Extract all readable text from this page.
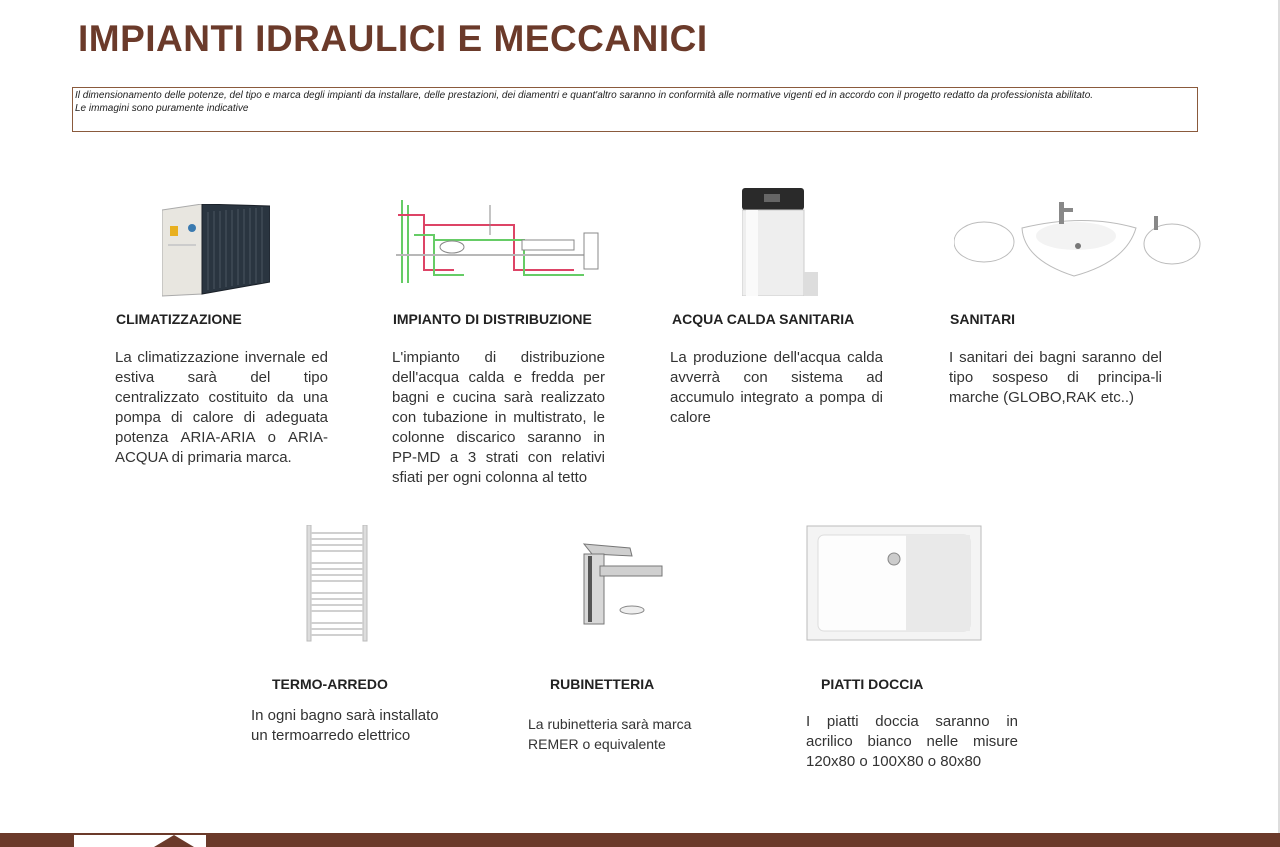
IMPIANTI IDRAULICI E MECCANICI

Il dimensionamento delle potenze, del tipo e marca degli impianti da installare, delle prestazioni, dei diamentri e quant'altro saranno in conformità alle normative vigenti ed in accordo con il progetto redatto da professionista abilitato.

Le immagini sono puramente indicative

CLIMATIZZAZIONE
La climatizzazione invernale ed estiva sarà del tipo centralizzato costituito da una pompa di calore di adeguata potenza ARIA-ARIA o ARIA-ACQUA di primaria marca.
IMPIANTO DI DISTRIBUZIONE
L'impianto di distribuzione dell'acqua calda e fredda per bagni e cucina sarà realizzato con tubazione in multistrato, le colonne discarico saranno in PP-MD a 3 strati con relativi sfiati per ogni colonna al tetto
ACQUA CALDA SANITARIA
La produzione dell'acqua calda avverrà con sistema ad accumulo integrato a pompa di calore
SANITARI
I sanitari dei bagni saranno del tipo sospeso di principa-li marche (GLOBO,RAK etc..)
TERMO-ARREDO
In ogni bagno sarà installato un termoarredo elettrico
RUBINETTERIA
La rubinetteria sarà marca REMER o equivalente
PIATTI DOCCIA
I piatti doccia saranno in acrilico bianco nelle misure 120x80 o 100X80 o 80x80
